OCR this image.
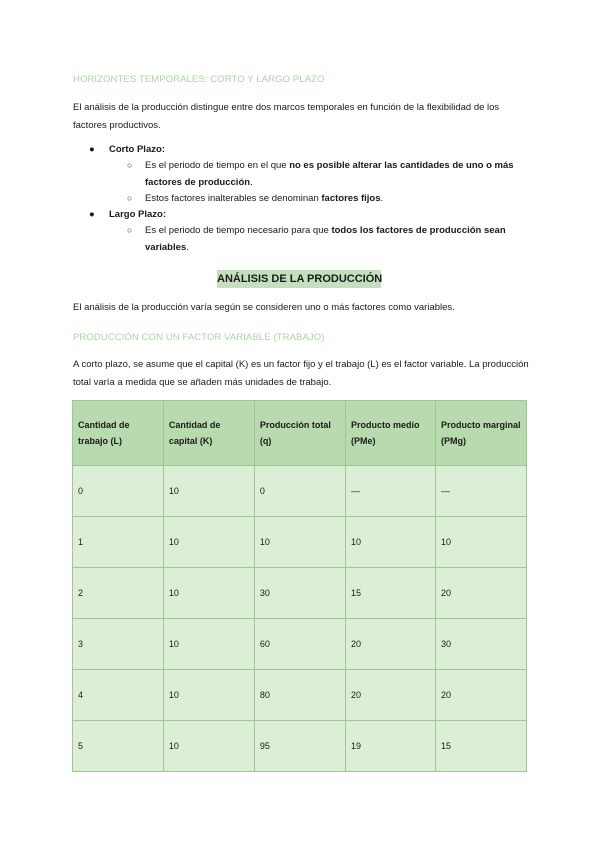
HORIZONTES TEMPORALES: CORTO Y LARGO PLAZO
El análisis de la producción distingue entre dos marcos temporales en función de la flexibilidad de los factores productivos.
● Corto Plazo:
○ Es el periodo de tiempo en el que no es posible alterar las cantidades de uno o más factores de producción.
○ Estos factores inalterables se denominan factores fijos.
● Largo Plazo:
○ Es el periodo de tiempo necesario para que todos los factores de producción sean variables.
ANÁLISIS DE LA PRODUCCIÓN
El análisis de la producción varía según se consideren uno o más factores como variables.
PRODUCCIÓN CON UN FACTOR VARIABLE (TRABAJO)
A corto plazo, se asume que el capital (K) es un factor fijo y el trabajo (L) es el factor variable. La producción total varía a medida que se añaden más unidades de trabajo.
Cantidad de trabajo (L)	Cantidad de capital (K)	Producción total (q)	Producto medio (PMe)	Producto marginal (PMg)
0	10	0	—	—
1	10	10	10	10
2	10	30	15	20
3	10	60	20	30
4	10	80	20	20
5	10	95	19	15
